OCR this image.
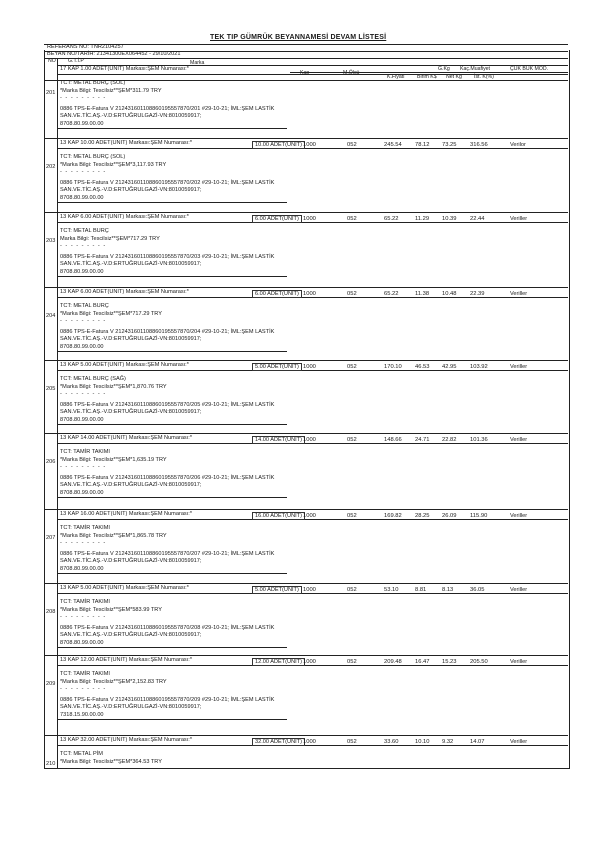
TEK TIP GÜMRÜK BEYANNAMESİ DEVAM LİSTESİ
REFERANS NO: TNR2104257
BEYAN NO/TARİH: 21341300EX064452 - 29/10/2021
NO G.T.İ.P	Marka
Kap	M.Ölçü
K.Fiyatı Birim K$ Net Kg
G.Kg
İst. K(%)
Kaç.Muafiyet	ÇÜK BÜK MOD.
17 KAP 1.00 ADET(UNIT) Markası:ŞEM Numarası:*
201
TCT: METAL BURÇ (SOL)
*Marka Bilgi: Tescilsiz**ŞEM*311.79 TRY
- - - - - - - - -
0886 TPS-E-Fatura V 212431601108860195557870/201 #29-10-21; İML:ŞEM LASTİK
SAN.VE.TİC.AŞ.-V.D:ERTUĞRULGAZİ-VN:8010059917;
8708.80.99.00.00
13 KAP 10.00 ADET(UNIT) Markası:ŞEM Numarası:*	10.00 ADET(UNIT) 1000	052	245.54 78.12 73.25 316.56	Verilor
202
TCT: METAL BURÇ (SOL)
*Marka Bilgi: Tescilsiz**ŞEM*3,117.93 TRY
- - - - - - - - -
0886 TPS-E-Fatura V 212431601108860195557870/202 #29-10-21; İML:ŞEM LASTİK
SAN.VE.TİC.AŞ.-V.D:ERTUĞRULGAZİ-VN:8010059917;
8708.80.99.00.00
13 KAP 6.00 ADET(UNIT) Markası:ŞEM Numarası:*	6.00 ADET(UNIT) 1000	052	65.22	11.29 10.39 22.44	Veriller
203
TCT: METAL BURÇ
Marka Bilgi: Tescilsiz**ŞEM*717.29 TRY
- - - - - - - - -
0886 TPS-E-Fatura V 212431601108860195557870/203 #29-10-21; İML:ŞEM LASTİK
SAN.VE.TİC.AŞ.-V.D:ERTUĞRULGAZİ-VN:8010059917;
8708.80.99.00.00
13 KAP 6.00 ADET(UNIT) Markası:ŞEM Numarası:*	6.00 ADET(UNIT) 1000	052	65.22	11.38 10.48 22.39	Veriller
204
TCT: METAL BURÇ
*Marka Bilgi: Tescilsiz**ŞEM*717.29 TRY
- - - - - - - - -
0886 TPS-E-Fatura V 212431601108860195557870/204 #29-10-21; İML:ŞEM LASTİK
SAN.VE.TİC.AŞ.-V.D:ERTUĞRULGAZİ-VN:8010059917;
8708.80.99.00.00
13 KAP 5.00 ADET(UNIT) Markası:ŞEM Numarası:*	5.00 ADET(UNIT) 1000	052	170.10 46.53 42.95 103.92	Veriller
205
TCT: METAL BURÇ (SAĞ)
*Marka Bilgi: Tescilsiz**ŞEM*1,870.76 TRY
- - - - - - - - -
0886 TPS-E-Fatura V 212431601108860195557870/205 #29-10-21; İML:ŞEM LASTİK
SAN.VE.TİC.AŞ.-V.D:ERTUĞRULGAZİ-VN:8010059917;
8708.80.99.00.00
13 KAP 14.00 ADET(UNIT) Markası:ŞEM Numarası:*	14.00 ADET(UNIT) 1000	052	148.66 24.71 22.82 101.36	Veriller
206
TCT: TAMİR TAKIMI
*Marka Bilgi: Tescilsiz**ŞEM*1,635.19 TRY
- - - - - - - - -
0886 TPS-E-Fatura V 212431601108860195557870/206 #29-10-21; İML:ŞEM LASTİK
SAN.VE.TİC.AŞ.-V.D:ERTUĞRULGAZİ-VN:8010059917;
8708.80.99.00.00
13 KAP 16.00 ADET(UNIT) Markası:ŞEM Numarası:*	16.00 ADET(UNIT) 1000	052	169.82 28.25 26.09 115.90	Veriller
207
TCT: TAMİR TAKIMI
*Marka Bilgi: Tescilsiz**ŞEM*1,865.78 TRY
- - - - - - - - -
0886 TPS-E-Fatura V 212431601108860195557870/207 #29-10-21; İML:ŞEM LASTİK
SAN.VE.TİC.AŞ.-V.D:ERTUĞRULGAZİ-VN:8010059917;
8708.80.99.00.00
13 KAP 5.00 ADET(UNIT) Markası:ŞEM Numarası:*	5.00 ADET(UNIT) 1000	052	53.10	8.81	8.13	36.05	Veriller
208
TCT: TAMİR TAKIMI
*Marka Bilgi: Tescilsiz**ŞEM*583.99 TRY
- - - - - - - - -
0886 TPS-E-Fatura V 212431601108860195557870/208 #29-10-21; İML:ŞEM LASTİK
SAN.VE.TİC.AŞ.-V.D:ERTUĞRULGAZİ-VN:8010059917;
8708.80.99.00.00
13 KAP 12.00 ADET(UNIT) Markası:ŞEM Numarası:*	12.00 ADET(UNIT) 1000	052	209.48 16.47 15.23 205.50	Veriller
209
TCT: TAMİR TAKIMI
*Marka Bilgi: Tescilsiz**ŞEM*2,152.83 TRY
- - - - - - - - -
0886 TPS-E-Fatura V 212431601108860195557870/209 #29-10-21; İML:ŞEM LASTİK
SAN.VE.TİC.AŞ.-V.D:ERTUĞRULGAZİ-VN:8010059917;
7318.15.90.00.00
13 KAP 32.00 ADET(UNIT) Markası:ŞEM Numarası:*	32.00 ADET(UNIT) 1000	052	33.60	10.10 9.32	14.07	Veriller
210
TCT: METAL PİM
*Marka Bilgi: Tescilsiz**ŞEM*364.53 TRY
- - - - - - - - -
